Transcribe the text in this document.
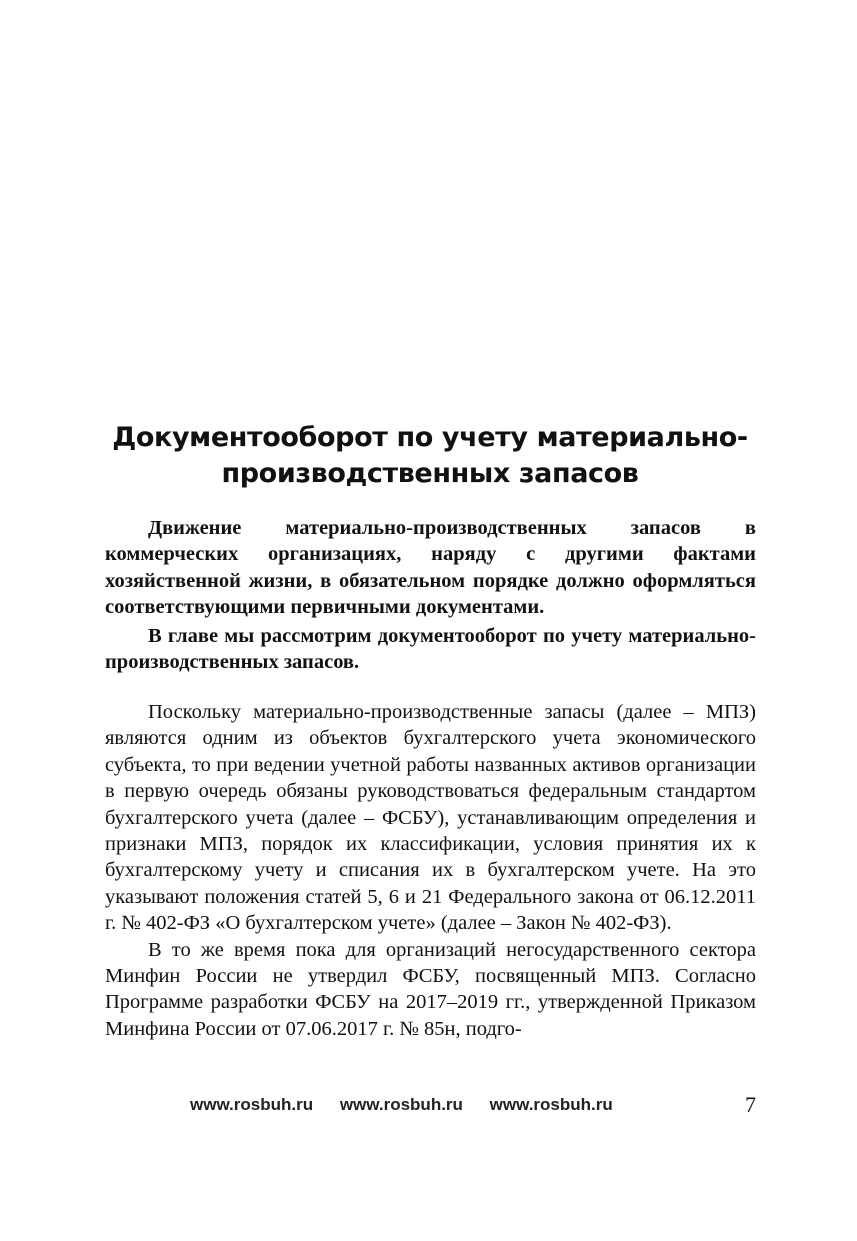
Документооборот по учету материально-производственных запасов

Движение материально-производственных запасов в коммерческих организациях, наряду с другими фактами хозяйственной жизни, в обязательном порядке должно оформляться соответствующими первичными документами.

В главе мы рассмотрим документооборот по учету материально-производственных запасов.

Поскольку материально-производственные запасы (далее – МПЗ) являются одним из объектов бухгалтерского учета экономического субъекта, то при ведении учетной работы названных активов организации в первую очередь обязаны руководствоваться федеральным стандартом бухгалтерского учета (далее – ФСБУ), устанавливающим определения и признаки МПЗ, порядок их классификации, условия принятия их к бухгалтерскому учету и списания их в бухгалтерском учете. На это указывают положения статей 5, 6 и 21 Федерального закона от 06.12.2011 г. № 402-ФЗ «О бухгалтерском учете» (далее – Закон № 402-ФЗ).

В то же время пока для организаций негосударственного сектора Минфин России не утвердил ФСБУ, посвященный МПЗ. Согласно Программе разработки ФСБУ на 2017–2019 гг., утвержденной Приказом Минфина России от 07.06.2017 г. № 85н, подго-

www.rosbuh.ru www.rosbuh.ru www.rosbuh.ru	7
